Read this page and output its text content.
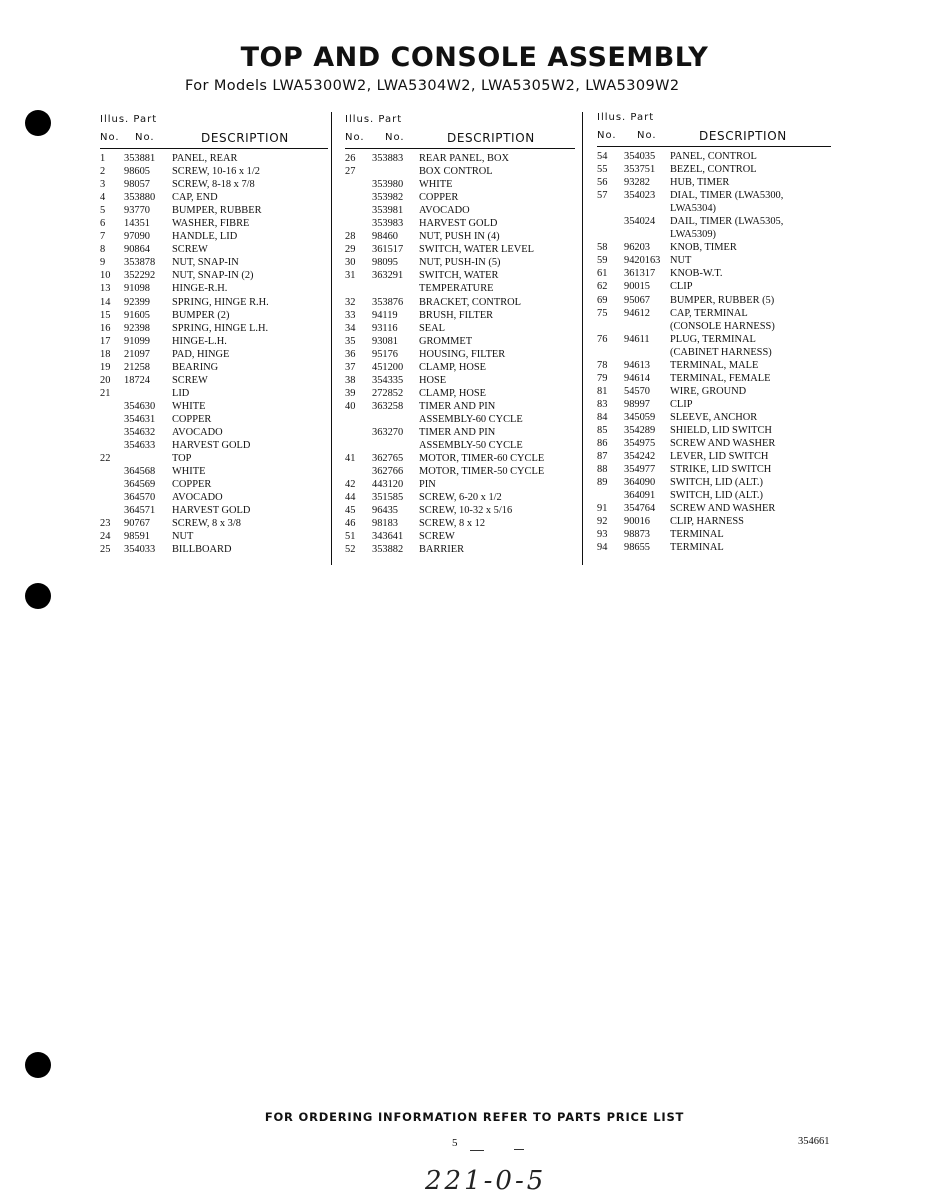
TOP AND CONSOLE ASSEMBLY
For Models LWA5300W2, LWA5304W2, LWA5305W2, LWA5309W2
Illus. Part
No. No.	DESCRIPTION
1 353881 PANEL, REAR
2 98605 SCREW, 10-16 x 1/2
3 98057 SCREW, 8-18 x 7/8
4 353880 CAP, END
5 93770 BUMPER, RUBBER
6 14351 WASHER, FIBRE
7 97090 HANDLE, LID
8 90864 SCREW
9 353878 NUT, SNAP-IN
10 352292 NUT, SNAP-IN (2)
13 91098 HINGE-R.H.
14 92399 SPRING, HINGE R.H.
15 91605 BUMPER (2)
16 92398 SPRING, HINGE L.H.
17 91099 HINGE-L.H.
18 21097 PAD, HINGE
19 21258 BEARING
20 18724 SCREW
21	LID
354630 WHITE
354631 COPPER
354632 AVOCADO
354633 HARVEST GOLD
22	TOP
364568 WHITE
364569 COPPER
364570 AVOCADO
364571 HARVEST GOLD
23 90767 SCREW, 8 x 3/8
24 98591 NUT
25 354033 BILLBOARD
Illus. Part
No. No.	DESCRIPTION
26 353883 REAR PANEL, BOX
27	BOX CONTROL
353980 WHITE
353982 COPPER
353981 AVOCADO
353983 HARVEST GOLD
28 98460 NUT, PUSH IN (4)
29 361517 SWITCH, WATER LEVEL
30 98095 NUT, PUSH-IN (5)
31 363291 SWITCH, WATER
TEMPERATURE
32 353876 BRACKET, CONTROL
33 94119 BRUSH, FILTER
34 93116 SEAL
35 93081 GROMMET
36 95176 HOUSING, FILTER
37 451200 CLAMP, HOSE
38 354335 HOSE
39 272852 CLAMP, HOSE
40 363258 TIMER AND PIN
ASSEMBLY-60 CYCLE
363270 TIMER AND PIN
ASSEMBLY-50 CYCLE
41 362765 MOTOR, TIMER-60 CYCLE
362766 MOTOR, TIMER-50 CYCLE
42 443120 PIN
44 351585 SCREW, 6-20 x 1/2
45 96435 SCREW, 10-32 x 5/16
46 98183 SCREW, 8 x 12
51 343641 SCREW
52 353882 BARRIER
Illus. Part
No. No.	DESCRIPTION
54 354035 PANEL, CONTROL
55 353751 BEZEL, CONTROL
56 93282 HUB, TIMER
57 354023 DIAL, TIMER (LWA5300,
LWA5304)
354024 DAIL, TIMER (LWA5305,
LWA5309)
58 96203 KNOB, TIMER
59 9420163 NUT
61 361317 KNOB-W.T.
62 90015 CLIP
69 95067 BUMPER, RUBBER (5)
75 94612 CAP, TERMINAL
(CONSOLE HARNESS)
76 94611 PLUG, TERMINAL
(CABINET HARNESS)
78 94613 TERMINAL, MALE
79 94614 TERMINAL, FEMALE
81 54570 WIRE, GROUND
83 98997 CLIP
84 345059 SLEEVE, ANCHOR
85 354289 SHIELD, LID SWITCH
86 354975 SCREW AND WASHER
87 354242 LEVER, LID SWITCH
88 354977 STRIKE, LID SWITCH
89 364090 SWITCH, LID (ALT.)
364091 SWITCH, LID (ALT.)
91 354764 SCREW AND WASHER
92 90016 CLIP, HARNESS
93 98873 TERMINAL
94 98655 TERMINAL
FOR ORDERING INFORMATION REFER TO PARTS PRICE LIST
5	354661
221-0-5
